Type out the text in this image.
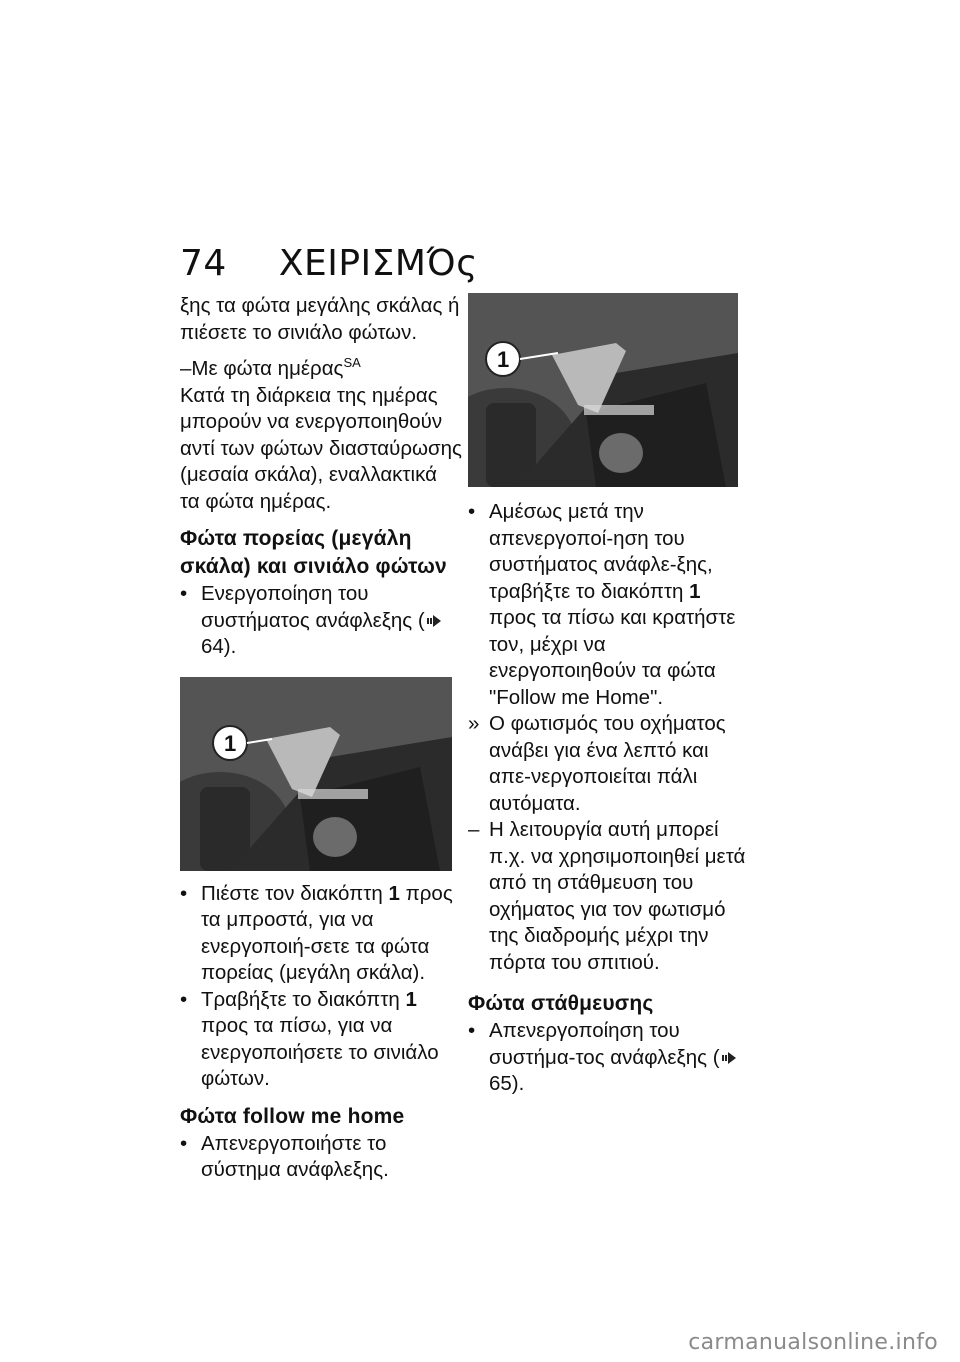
74 ΧΕΙΡΙΣΜΌς

ξης τα φώτα μεγάλης σκάλας ή πιέσετε το σινιάλο φώτων.

–Με φώτα ημέρας$^{SA}$

Κατά τη διάρκεια της ημέρας μπορούν να ενεργοποιηθούν αντί των φώτων διασταύρωσης (μεσαία σκάλα), εναλλακτικά τα φώτα ημέρας.

Φώτα πορείας (μεγάλη σκάλα) και σινιάλο φώτων

• Ενεργοποίηση του συστήματος ανάφλεξης (64).

1

• Πιέστε τον διακόπτη 1 προς τα μπροστά, για να ενεργοποιή-σετε τα φώτα πορείας (μεγάλη σκάλα).

• Τραβήξτε το διακόπτη 1 προς τα πίσω, για να ενεργοποιήσετε το σινιάλο φώτων.

Φώτα follow me home

• Απενεργοποιήστε το σύστημα ανάφλεξης.

1

• Αμέσως μετά την απενεργοποί-ηση του συστήματος ανάφλε-ξης, τραβήξτε το διακόπτη 1 προς τα πίσω και κρατήστε τον, μέχρι να ενεργοποιηθούν τα φώτα "Follow me Home".

» Ο φωτισμός του οχήματος ανάβει για ένα λεπτό και απε-νεργοποιείται πάλι αυτόματα.

– Η λειτουργία αυτή μπορεί π.χ. να χρησιμοποιηθεί μετά από τη στάθμευση του οχήματος για τον φωτισμό της διαδρομής μέχρι την πόρτα του σπιτιού.

Φώτα στάθμευσης

• Απενεργοποίηση του συστήμα-τος ανάφλεξης (65).

carmanualsonline.info
